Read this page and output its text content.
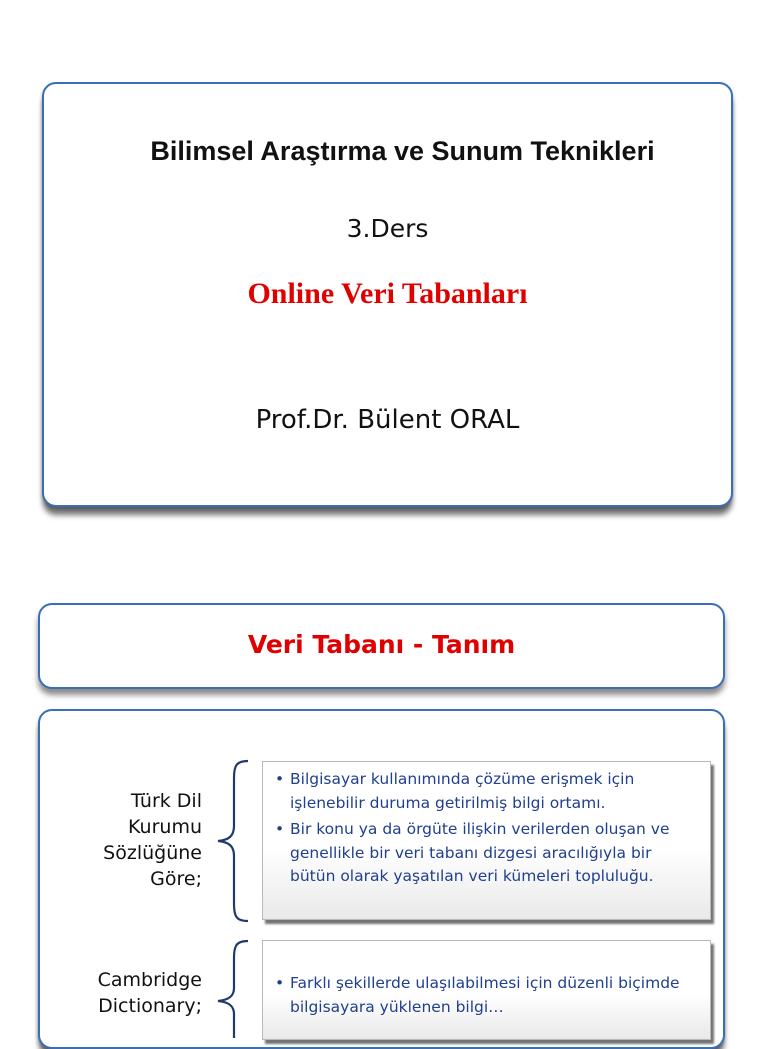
Bilimsel Araştırma ve Sunum Teknikleri
3.Ders
Online Veri Tabanları
Prof.Dr. Bülent ORAL
Veri Tabanı - Tanım
Türk Dil
Kurumu
Sözlüğüne
Göre;
• Bilgisayar kullanımında çözüme erişmek için işlenebilir duruma getirilmiş bilgi ortamı.
• Bir konu ya da örgüte ilişkin verilerden oluşan ve genellikle bir veri tabanı dizgesi aracılığıyla bir bütün olarak yaşatılan veri kümeleri topluluğu.
Cambridge
Dictionary;
• Farklı şekillerde ulaşılabilmesi için düzenli biçimde bilgisayara yüklenen bilgi…
